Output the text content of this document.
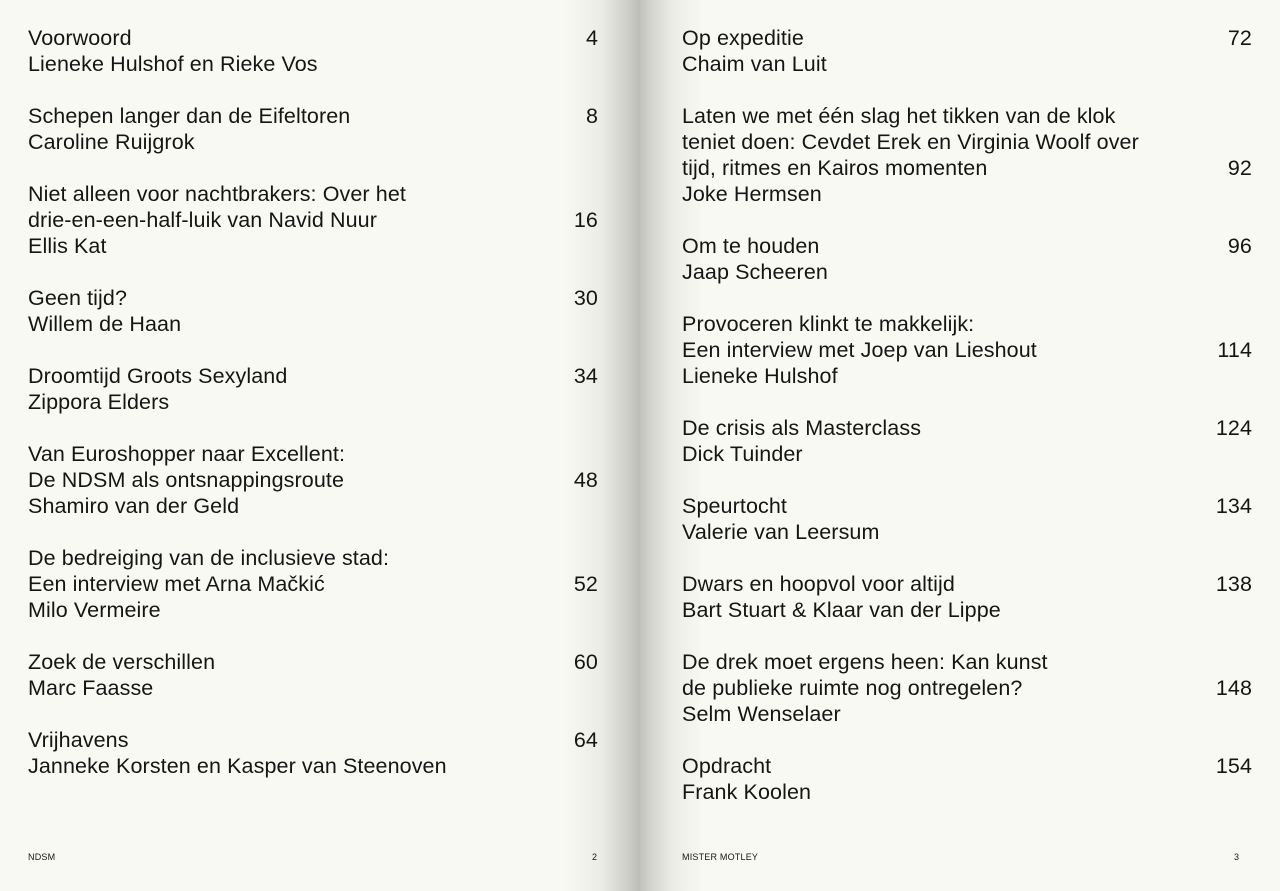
Voorwoord	4
Lieneke Hulshof en Rieke Vos
Schepen langer dan de Eifeltoren	8
Caroline Ruijgrok
Niet alleen voor nachtbrakers: Over het
drie-en-een-half-luik van Navid Nuur	16
Ellis Kat
Geen tijd?	30
Willem de Haan
Droomtijd Groots Sexyland	34
Zippora Elders
Van Euroshopper naar Excellent:
De NDSM als ontsnappingsroute	48
Shamiro van der Geld
De bedreiging van de inclusieve stad:
Een interview met Arna Mačkić	52
Milo Vermeire
Zoek de verschillen	60
Marc Faasse
Vrijhavens	64
Janneke Korsten en Kasper van Steenoven
NDSM	2
Op expeditie	72
Chaim van Luit
Laten we met één slag het tikken van de klok
teniet doen: Cevdet Erek en Virginia Woolf over
tijd, ritmes en Kairos momenten	92
Joke Hermsen
Om te houden	96
Jaap Scheeren
Provoceren klinkt te makkelijk:
Een interview met Joep van Lieshout	114
Lieneke Hulshof
De crisis als Masterclass	124
Dick Tuinder
Speurtocht	134
Valerie van Leersum
Dwars en hoopvol voor altijd	138
Bart Stuart & Klaar van der Lippe
De drek moet ergens heen: Kan kunst
de publieke ruimte nog ontregelen?	148
Selm Wenselaer
Opdracht	154
Frank Koolen
MISTER MOTLEY	3
